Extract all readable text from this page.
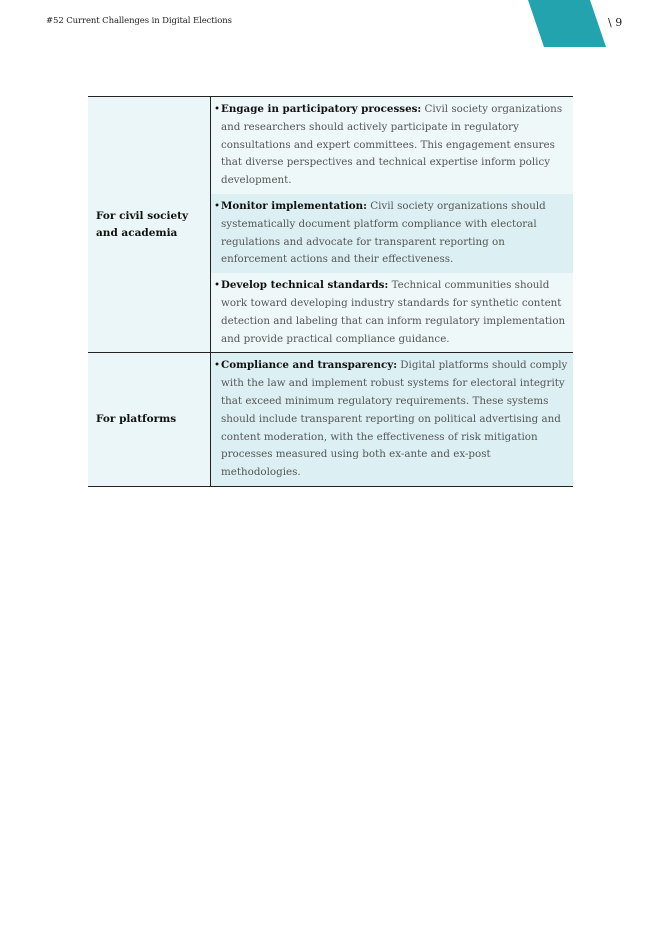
#52 Current Challenges in Digital Elections	\ 9
For civil society and academia	• Engage in participatory processes: Civil society organizations and researchers should actively participate in regulatory consultations and expert committees. This engagement ensures that diverse perspectives and technical expertise inform policy development.

	• Monitor implementation: Civil society organizations should systematically document platform compliance with electoral regulations and advocate for transparent reporting on enforcement actions and their effectiveness.

	• Develop technical standards: Technical communities should work toward developing industry standards for synthetic content detection and labeling that can inform regulatory implementation and provide practical compliance guidance.

For platforms	• Compliance and transparency: Digital platforms should comply with the law and implement robust systems for electoral integrity that exceed minimum regulatory requirements. These systems should include transparent reporting on political advertising and content moderation, with the effectiveness of risk mitigation processes measured using both ex-ante and ex-post methodologies.
